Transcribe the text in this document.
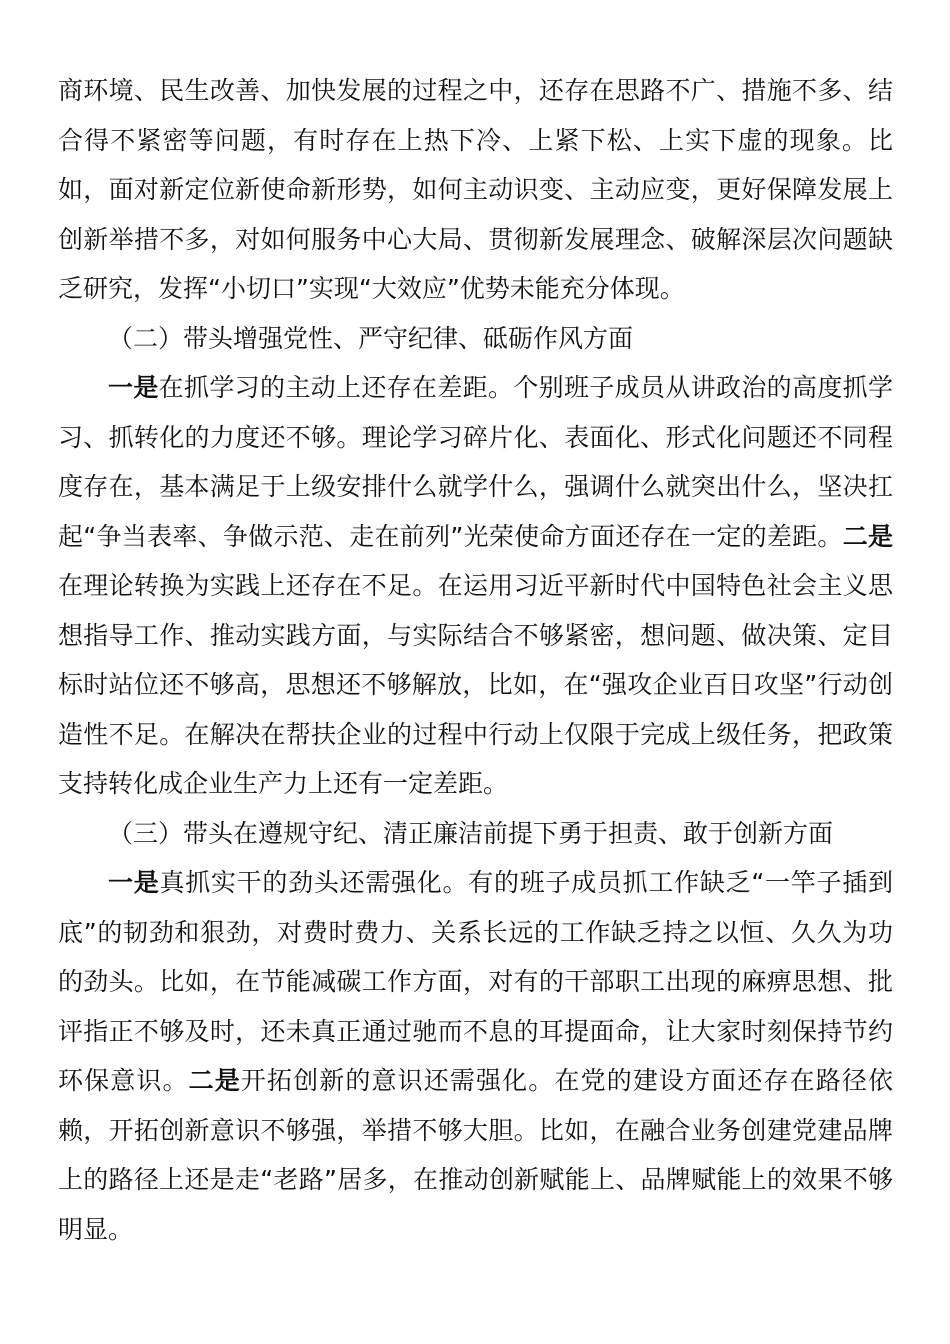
商环境、民生改善、加快发展的过程之中，还存在思路不广、措施不多、结合得不紧密等问题，有时存在上热下冷、上紧下松、上实下虚的现象。比如，面对新定位新使命新形势，如何主动识变、主动应变，更好保障发展上创新举措不多，对如何服务中心大局、贯彻新发展理念、破解深层次问题缺乏研究，发挥“小切口”实现“大效应”优势未能充分体现。

（二）带头增强党性、严守纪律、砥砺作风方面

一是在抓学习的主动上还存在差距。个别班子成员从讲政治的高度抓学习、抓转化的力度还不够。理论学习碎片化、表面化、形式化问题还不同程度存在，基本满足于上级安排什么就学什么，强调什么就突出什么，坚决扛起“争当表率、争做示范、走在前列”光荣使命方面还存在一定的差距。二是在理论转换为实践上还存在不足。在运用习近平新时代中国特色社会主义思想指导工作、推动实践方面，与实际结合不够紧密，想问题、做决策、定目标时站位还不够高，思想还不够解放，比如，在“强攻企业百日攻坚”行动创造性不足。在解决在帮扶企业的过程中行动上仅限于完成上级任务，把政策支持转化成企业生产力上还有一定差距。

（三）带头在遵规守纪、清正廉洁前提下勇于担责、敢于创新方面

一是真抓实干的劲头还需强化。有的班子成员抓工作缺乏“一竿子插到底”的韧劲和狠劲，对费时费力、关系长远的工作缺乏持之以恒、久久为功的劲头。比如，在节能减碳工作方面，对有的干部职工出现的麻痹思想、批评指正不够及时，还未真正通过驰而不息的耳提面命，让大家时刻保持节约环保意识。二是开拓创新的意识还需强化。在党的建设方面还存在路径依赖，开拓创新意识不够强，举措不够大胆。比如，在融合业务创建党建品牌上的路径上还是走“老路”居多，在推动创新赋能上、品牌赋能上的效果不够明显。
